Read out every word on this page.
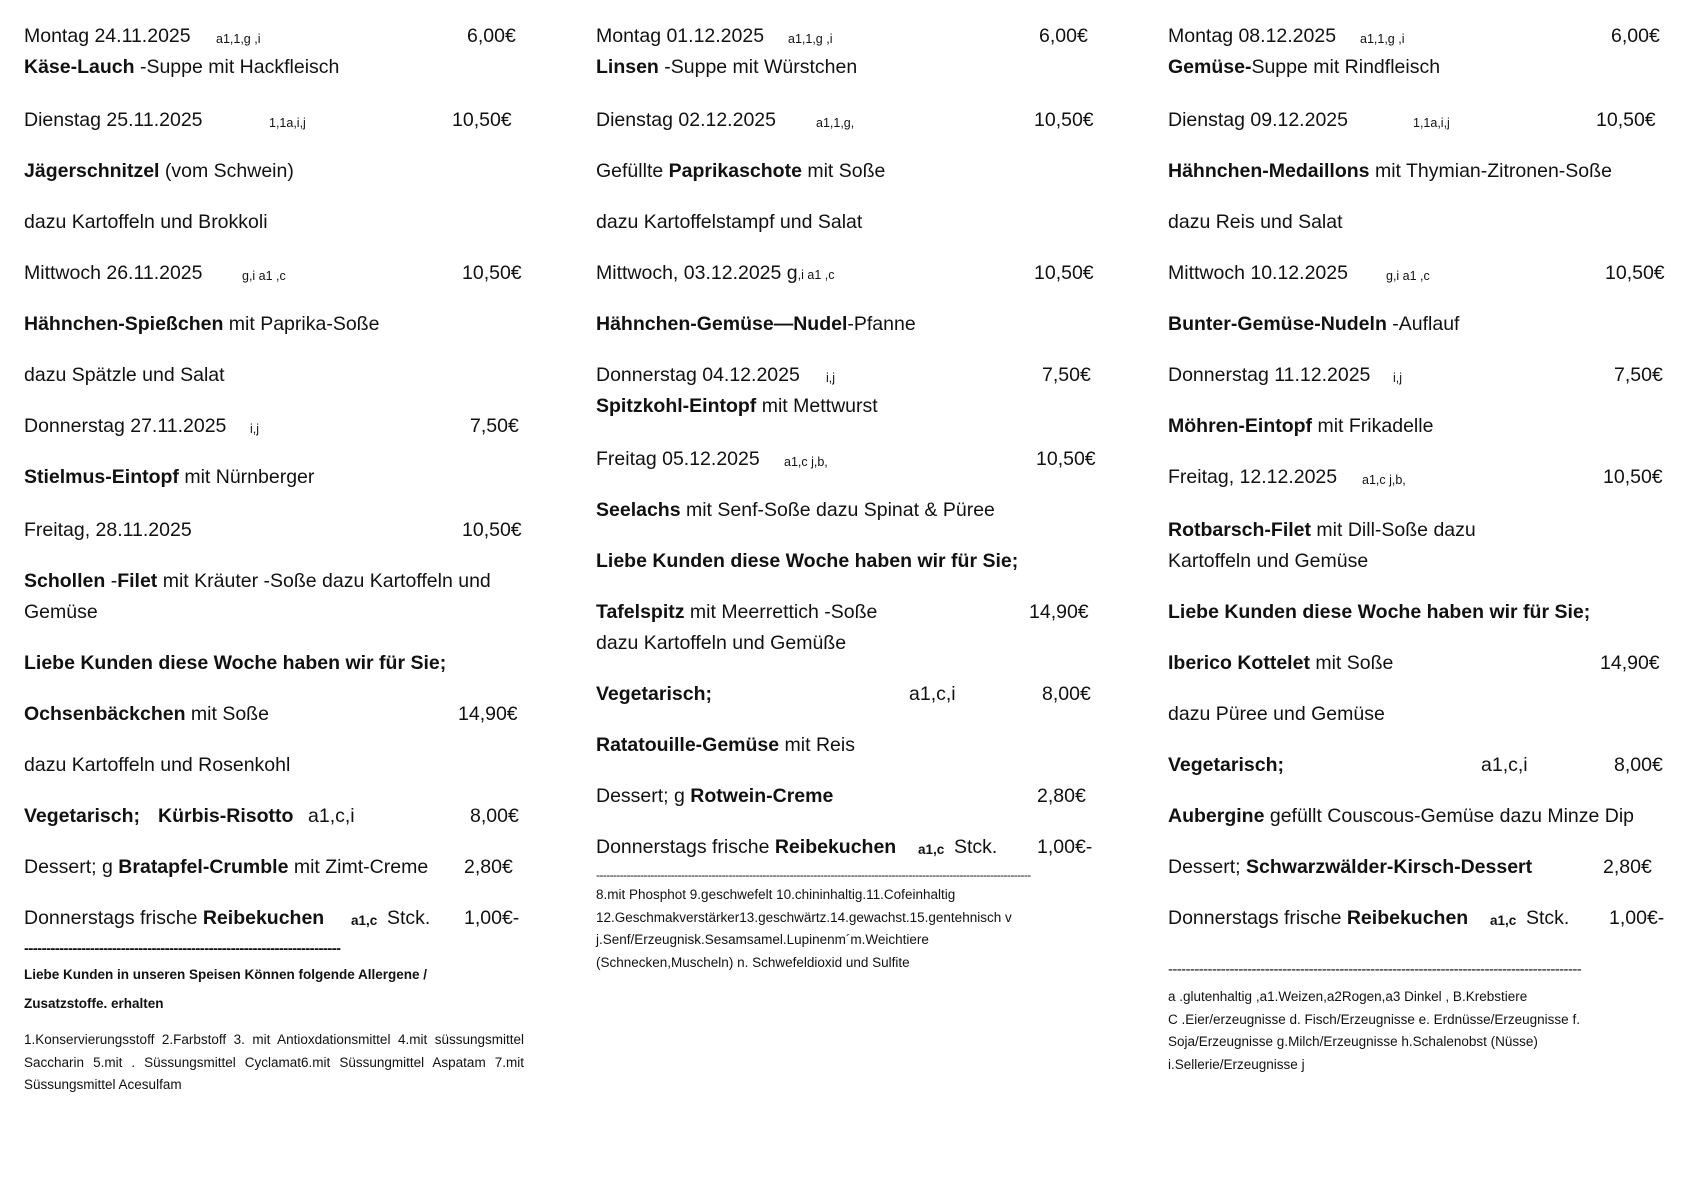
Montag 24.11.2025 a1,1,g ,i	6,00€
Käse-Lauch -Suppe mit Hackfleisch
Dienstag 25.11.2025	1,1a,i,j	10,50€
Jägerschnitzel (vom Schwein)
dazu Kartoffeln und Brokkoli
Mittwoch 26.11.2025	g,i a1 ,c	10,50€
Hähnchen-Spießchen mit Paprika-Soße
dazu Spätzle und Salat
Donnerstag 27.11.2025 i,j	7,50€
Stielmus-Eintopf mit Nürnberger
Freitag, 28.11.2025	10,50€
Schollen -Filet mit Kräuter -Soße dazu Kartoffeln und
Gemüse
Liebe Kunden diese Woche haben wir für Sie;
Ochsenbäckchen mit Soße	14,90€
dazu Kartoffeln und Rosenkohl
Vegetarisch; Kürbis-Risotto a1,c,i	8,00€
Dessert; g Bratapfel-Crumble mit Zimt-Creme 2,80€
Donnerstags frische Reibekuchen a1,c Stck. 1,00€-
------------------------------------------------------------------------
Liebe Kunden in unseren Speisen Können folgende Allergene / Zusatzstoffe. erhalten
1.Konservierungsstoff 2.Farbstoff 3. mit Antioxdationsmittel 4.mit süssungsmittel Saccharin 5.mit . Süssungsmittel Cyclamat6.mit Süssungmittel Aspatam 7.mit Süssungsmittel Acesulfam
Montag 01.12.2025 a1,1,g ,i	6,00€
Linsen -Suppe mit Würstchen
Dienstag 02.12.2025	a1,1,g,	10,50€
Gefüllte Paprikaschote mit Soße
dazu Kartoffelstampf und Salat
Mittwoch, 03.12.2025 g,i a1 ,c	10,50€
Hähnchen-Gemüse—Nudel-Pfanne
Donnerstag 04.12.2025 i,j	7,50€
Spitzkohl-Eintopf mit Mettwurst
Freitag 05.12.2025 a1,c j,b,	10,50€
Seelachs mit Senf-Soße dazu Spinat & Püree
Liebe Kunden diese Woche haben wir für Sie;
Tafelspitz mit Meerrettich -Soße	14,90€
dazu Kartoffeln und Gemüße
Vegetarisch;	a1,c,i	8,00€
Ratatouille-Gemüse mit Reis
Dessert; g Rotwein-Creme	2,80€
Donnerstags frische Reibekuchen a1,c Stck. 1,00€-
--------------------------------------------------------------------------------------------------------------------------------
8.mit Phosphot 9.geschwefelt 10.chininhaltig.11.Cofeinhaltig 12.Geschmakverstärker13.geschwärtz.14.gewachst.15.gentehnisch v j.Senf/Erzeugnisk.Sesamsamel.Lupinenm´m.Weichtiere (Schnecken,Muscheln) n. Schwefeldioxid und Sulfite
Montag 08.12.2025 a1,1,g ,i	6,00€
Gemüse-Suppe mit Rindfleisch
Dienstag 09.12.2025	1,1a,i,j	10,50€
Hähnchen-Medaillons mit Thymian-Zitronen-Soße
dazu Reis und Salat
Mittwoch 10.12.2025	g,i a1 ,c	10,50€
Bunter-Gemüse-Nudeln -Auflauf
Donnerstag 11.12.2025 i,j	7,50€
Möhren-Eintopf mit Frikadelle
Freitag, 12.12.2025 a1,c j,b,	10,50€
Rotbarsch-Filet mit Dill-Soße dazu
Kartoffeln und Gemüse
Liebe Kunden diese Woche haben wir für Sie;
Iberico Kottelet mit Soße	14,90€
dazu Püree und Gemüse
Vegetarisch;	a1,c,i	8,00€
Aubergine gefüllt Couscous-Gemüse dazu Minze Dip
Dessert; Schwarzwälder-Kirsch-Dessert	2,80€
Donnerstags frische Reibekuchen a1,c Stck. 1,00€-
----------------------------------------------------------------------------------------------
a .glutenhaltig ,a1.Weizen,a2Rogen,a3 Dinkel , B.Krebstiere
C .Eier/erzeugnisse d. Fisch/Erzeugnisse e. Erdnüsse/Erzeugnisse f.
Soja/Erzeugnisse g.Milch/Erzeugnisse h.Schalenobst (Nüsse)
i.Sellerie/Erzeugnisse j
